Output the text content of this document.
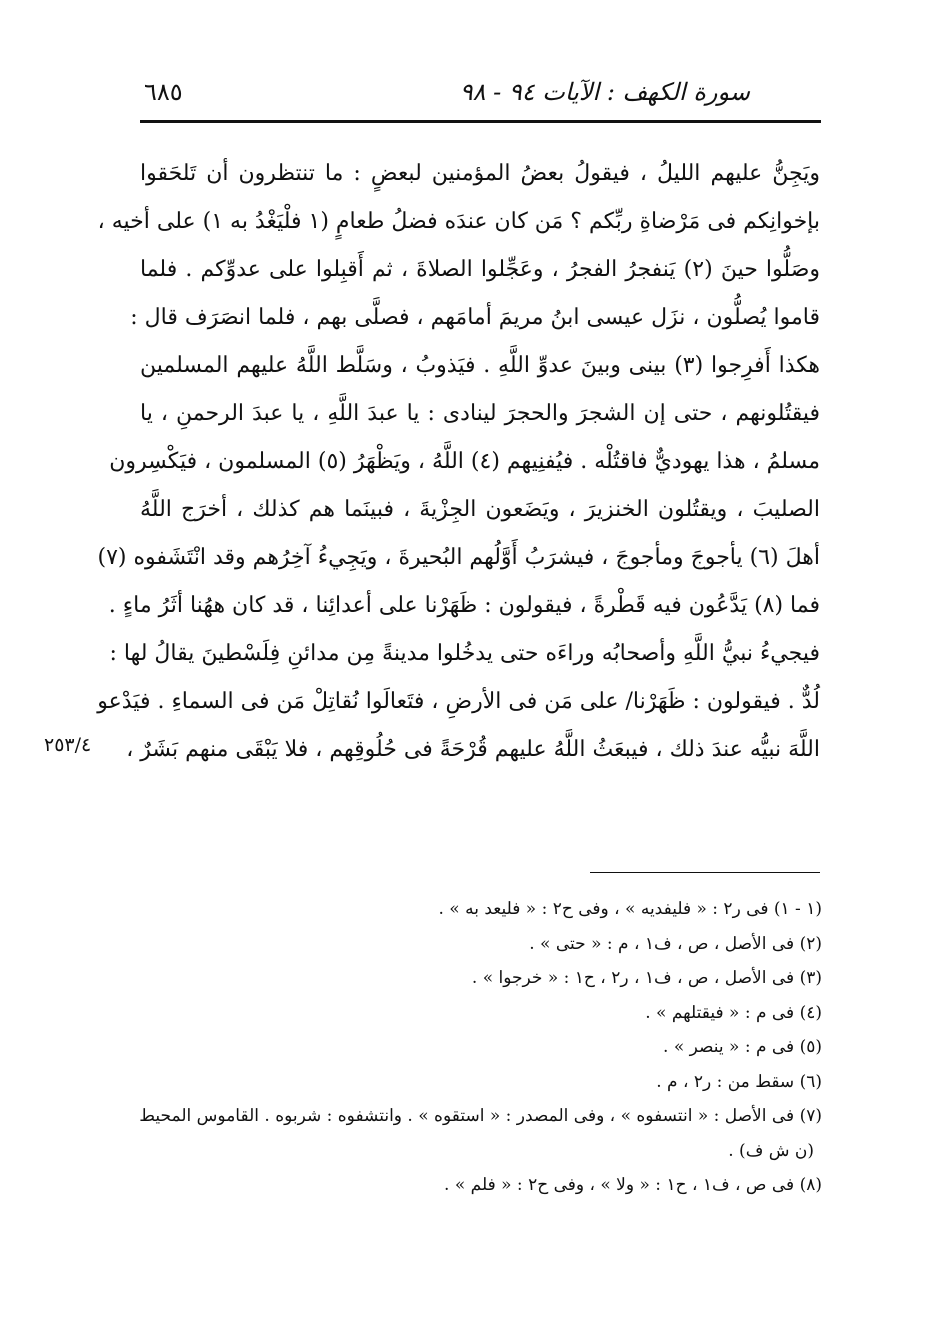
سورة الكهف : الآيات ٩٤ - ٩٨
٦٨٥
ويَجِنُّ عليهم الليلُ ، فيقولُ بعضُ المؤمنين لبعضٍ : ما تنتظرون أن تَلحَقوا
بإخوانِكم فى مَرْضاةِ ربِّكم ؟ مَن كان عندَه فضلُ طعامٍ (١ فلْيَغْدُ به ١) على أخيه ،
وصَلُّوا حينَ (٢) يَنفجرُ الفجرُ ، وعَجِّلوا الصلاةَ ، ثم أَقبِلوا على عدوِّكم . فلما
قاموا يُصلُّون ، نزَل عيسى ابنُ مريمَ أمامَهم ، فصلَّى بهم ، فلما انصَرَف قال :
هكذا أَفرِجوا (٣) بينى وبينَ عدوِّ اللَّهِ . فيَذوبُ ، وسَلَّط اللَّهُ عليهم المسلمين
فيقتُلونهم ، حتى إن الشجرَ والحجرَ لينادى : يا عبدَ اللَّهِ ، يا عبدَ الرحمنِ ، يا
مسلمُ ، هذا يهوديٌّ فاقتُلْه . فيُفنِيهم (٤) اللَّهُ ، ويَظْهَرُ (٥) المسلمون ، فيَكْسِرون
الصليبَ ، ويقتُلون الخنزيرَ ، ويَضَعون الجِزْيةَ ، فبينَما هم كذلك ، أخرَج اللَّهُ
أهلَ (٦) يأجوجَ ومأجوجَ ، فيشرَبُ أَوَّلُهم البُحيرةَ ، ويَجِيءُ آخِرُهم وقد انْتَشَفوه (٧)
فما (٨) يَدَّعُون فيه قَطْرةً ، فيقولون : ظَهَرْنا على أعدائِنا ، قد كان ههُنا أثَرُ ماءٍ .
فيجيءُ نبيُّ اللَّهِ وأصحابُه وراءَه حتى يدخُلوا مدينةً مِن مدائنِ فِلَسْطينَ يقالُ لها :
لُدٌّ . فيقولون : ظَهَرْنا/ على مَن فى الأرضِ ، فتَعالَوا نُقاتِلْ مَن فى السماءِ . فيَدْعو
اللَّهَ نبيُّه عندَ ذلك ، فيبعَثُ اللَّهُ عليهم قُرْحَةً فى حُلُوقِهم ، فلا يَبْقَى منهم بَشَرٌ ،
٢٥٣/٤
(١ - ١) فى ر٢ : « فليفديه » ، وفى ح٢ : « فليعد به » .
(٢) فى الأصل ، ص ، ف١ ، م : « حتى » .
(٣) فى الأصل ، ص ، ف١ ، ر٢ ، ح١ : « خرجوا » .
(٤) فى م : « فيقتلهم » .
(٥) فى م : « ينصر » .
(٦) سقط من : ر٢ ، م .
(٧) فى الأصل : « انتسفوه » ، وفى المصدر : « استقوه » . وانتشفوه : شربوه . القاموس المحيط
(ن ش ف) .
(٨) فى ص ، ف١ ، ح١ : « ولا » ، وفى ح٢ : « فلم » .
